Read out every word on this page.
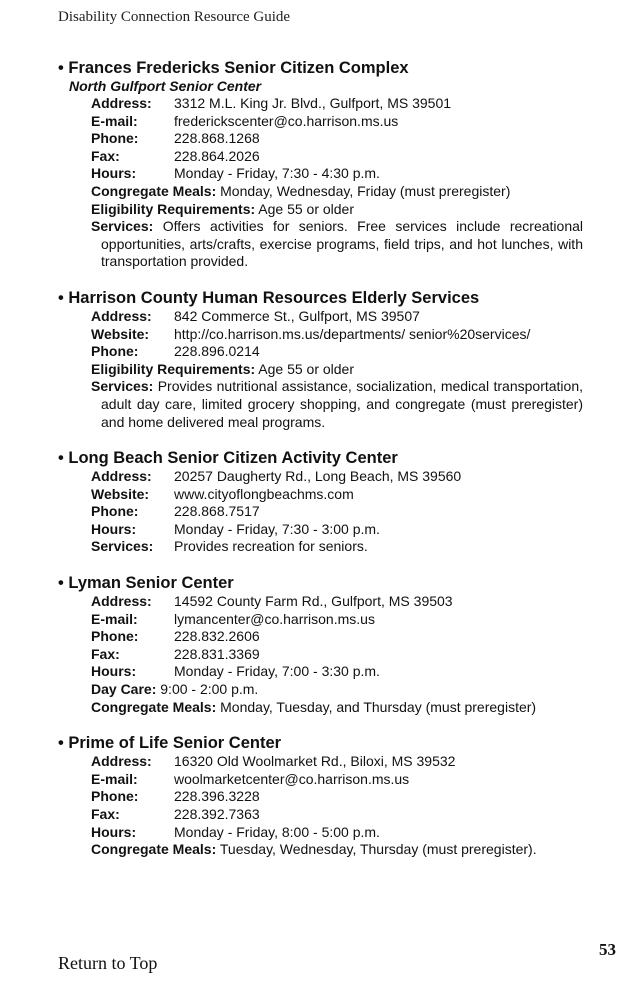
Disability Connection Resource Guide
• Frances Fredericks Senior Citizen Complex
North Gulfport Senior Center
Address:	3312 M.L. King Jr. Blvd., Gulfport, MS 39501
E-mail:	frederickscenter@co.harrison.ms.us
Phone:	228.868.1268
Fax:	228.864.2026
Hours:	Monday - Friday, 7:30 - 4:30 p.m.
Congregate Meals: Monday, Wednesday, Friday (must preregister)
Eligibility Requirements: Age 55 or older
Services: Offers activities for seniors. Free services include recreational opportunities, arts/crafts, exercise programs, field trips, and hot lunches, with transportation provided.
• Harrison County Human Resources Elderly Services
Address:	842 Commerce St., Gulfport, MS 39507
Website:	http://co.harrison.ms.us/departments/ senior%20services/
Phone:	228.896.0214
Eligibility Requirements: Age 55 or older
Services: Provides nutritional assistance, socialization, medical transportation, adult day care, limited grocery shopping, and congregate (must preregister) and home delivered meal programs.
• Long Beach Senior Citizen Activity Center
Address:	20257 Daugherty Rd., Long Beach, MS 39560
Website:	www.cityoflongbeachms.com
Phone:	228.868.7517
Hours:	Monday - Friday, 7:30 - 3:00 p.m.
Services:	Provides recreation for seniors.
• Lyman Senior Center
Address:	14592 County Farm Rd., Gulfport, MS 39503
E-mail:	lymancenter@co.harrison.ms.us
Phone:	228.832.2606
Fax:	228.831.3369
Hours:	Monday - Friday, 7:00 - 3:30 p.m.
Day Care: 9:00 - 2:00 p.m.
Congregate Meals: Monday, Tuesday, and Thursday (must preregister)
• Prime of Life Senior Center
Address:	16320 Old Woolmarket Rd., Biloxi, MS 39532
E-mail:	woolmarketcenter@co.harrison.ms.us
Phone:	228.396.3228
Fax:	228.392.7363
Hours:	Monday - Friday, 8:00 - 5:00 p.m.
Congregate Meals: Tuesday, Wednesday, Thursday (must preregister).
Return to Top
53
